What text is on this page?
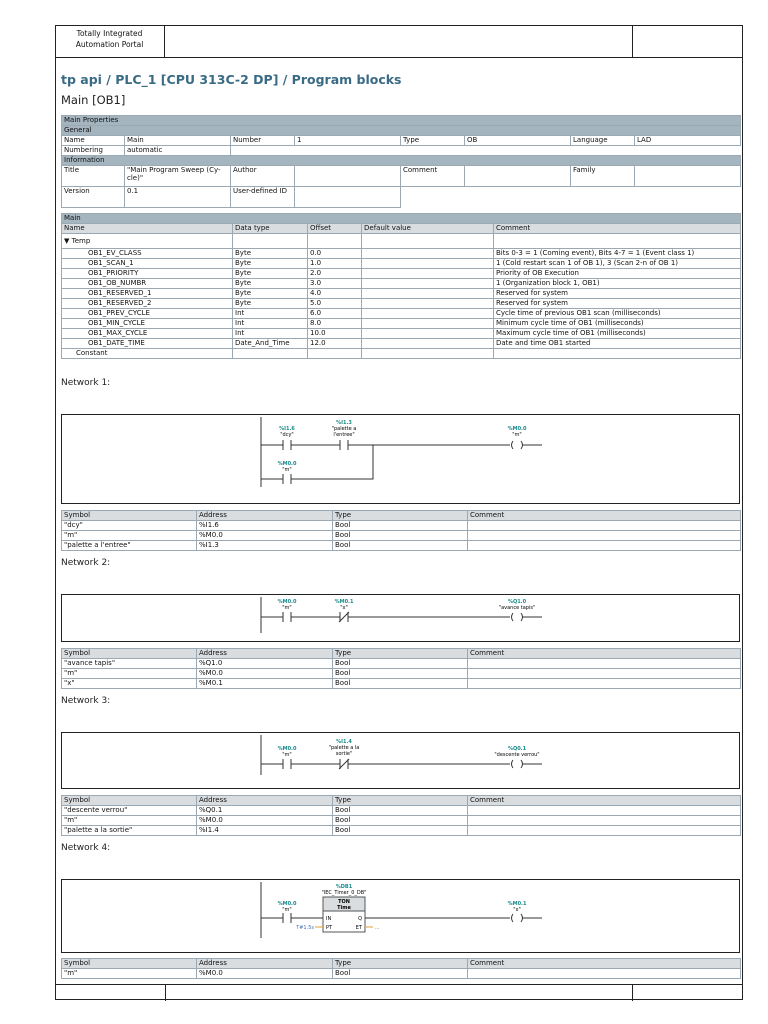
Totally Integrated
Automation Portal
tp api / PLC_1 [CPU 313C-2 DP] / Program blocks
Main [OB1]
Main Properties							
General							
Name	Main	Number	1	Type	OB	Language	LAD
Numbering	automatic						
Information							
Title	"Main Program Sweep (Cy-cle)"	Author		Comment		Family	
Version	0.1	User-defined ID					
Main				
Name	Data type	Offset	Default value	Comment
▼ Temp				
OB1_EV_CLASS	Byte	0.0		Bits 0-3 = 1 (Coming event), Bits 4-7 = 1 (Event class 1)
OB1_SCAN_1	Byte	1.0		1 (Cold restart scan 1 of OB 1), 3 (Scan 2-n of OB 1)
OB1_PRIORITY	Byte	2.0		Priority of OB Execution
OB1_OB_NUMBR	Byte	3.0		1 (Organization block 1, OB1)
OB1_RESERVED_1	Byte	4.0		Reserved for system
OB1_RESERVED_2	Byte	5.0		Reserved for system
OB1_PREV_CYCLE	Int	6.0		Cycle time of previous OB1 scan (milliseconds)
OB1_MIN_CYCLE	Int	8.0		Minimum cycle time of OB1 (milliseconds)
OB1_MAX_CYCLE	Int	10.0		Maximum cycle time of OB1 (milliseconds)
OB1_DATE_TIME	Date_And_Time	12.0		Date and time OB1 started
Constant				
Network 1:
%I1.6
"dcy"
%I1.3
"palette a
l'entree"
%M0.0
"m"
%M0.0
"m"
Symbol	Address	Type	Comment
"dcy"	%I1.6	Bool	
"m"	%M0.0	Bool	
"palette a l'entree"	%I1.3	Bool	
Network 2:
%M0.0
"m"
%M0.1
"x"
%Q1.0
"avance tapis"
Symbol	Address	Type	Comment
"avance tapis"	%Q1.0	Bool	
"m"	%M0.0	Bool	
"x"	%M0.1	Bool	
Network 3:
%M0.0
"m"
%I1.4
"palette a la
sortie"
%Q0.1
"descente verrou"
Symbol	Address	Type	Comment
"descente verrou"	%Q0.1	Bool	
"m"	%M0.0	Bool	
"palette a la sortie"	%I1.4	Bool	
Network 4:
%DB1
"IEC_Timer_0_DB"
TON
Time
IN
PT
Q
ET
T#1.5s	...
%M0.0
"m"
%M0.1
"x"
Symbol	Address	Type	Comment
"m"	%M0.0	Bool	
